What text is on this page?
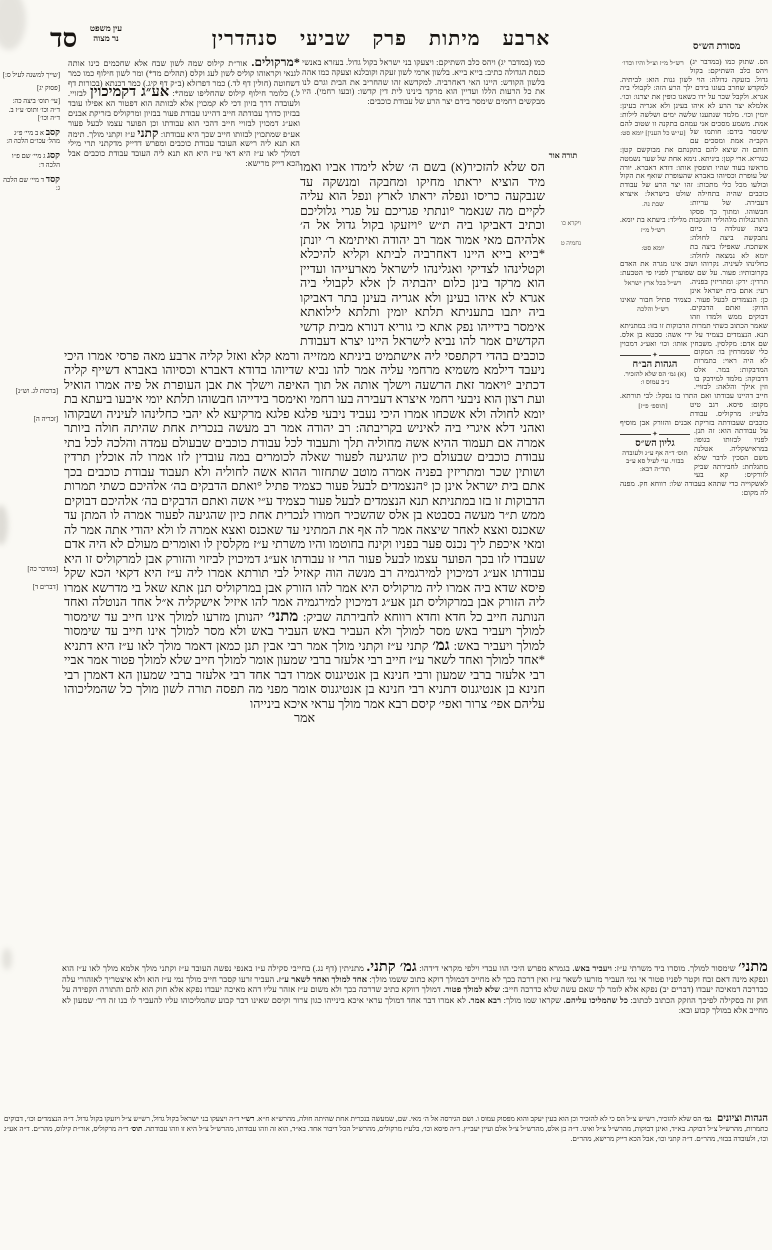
סד	עין משפט
נר מצוה	ארבע מיתות פרק שביעי סנהדרין	מסורת הש״ס
[שייך למשנה לעיל ס:]
[פסוק יג]
[עי׳ תוס׳ ביצה כה: ד״ה וכו׳ ותוס׳ ע״ז ב. ד״ה וכו׳]
קסב א ב מיי׳ פ״ג מהל׳ עכו״ם הלכה ה:
קסג ג מיי׳ שם פ״ו הלכה ד:
קסד ד מיי׳ שם הלכה ג:
[ברכות לג. וש״נ]
[זכריה ה]
[במדבר כה]
[דברים ד]
תורה אור
ויקרא כו
נחמיה ט
*מרקולים. אור״ת קילוס שמה לשון שבח אלא שחכמים כינו אותה לגנאי וקראוהו קוליס לשון לעג וקלס (תהלים מד*) ומר לשון חילוף כמו כמר דשחוטה (חולין דף לד.) כמר דפרזלא (ב״ק דף קיג.) כמר דכנתא (בכורות דף ל.) כלומר חילוף קילוס שהחליפו שמה*: אע״ג דקמיכוין לבזויי. ולעובדה דרך בזיון דכי לא קמכוין אלא לבזותה הוא דפטור הא אפילו עובד בבזיון כדרך עבודתה חייב דהיינו עבודת פעור בבזיון ומרקוליס בזריקת אבנים ואע״ג דמכוין לבזויי חייב דהכי הוא עבודתו וכן הפוער עצמו לבעל פעור אע״פ שמתכוין לבזותו חייב שכך היא עבודתו: קתני ע״ז וקתני מולך. תימה הא תנא ליה רישא העובד עבודת כוכבים ומפרש דדייק מדקתני תרי מילי דמולך לאו ע״ז היא דאי ע״ז היא הא תנא ליה העובד עבודת כוכבים אבל הכא דייק מרישא:
כמו (במדבר יג) ויהס כלב השתיקם: ויצעקו בני ישראל בקול גדול. בעזרא באנשי כנסת הגדולה כתיב: בייא בייא. בלשון ארמי לשון זעקה וקובלנא וצעקה כמו אהה בלשון הקודש: היינו האי דאחרביה. למקדשא זהו שהחריב את הבית וגרם לנו את כל הרעות הללו ועדיין הוא מרקד בינינו לית דין קדשו: (ובעו רחמי). היו מבקשים רחמים שימסר בידם יצר הרע של עבודת כוכבים:
הס שלא להזכיר(א) בשם ה׳ שלא לימדו אביו ואמו מיד הוציא יראתו מחיקו ומחבקה ומנשקה עד שנבקעה כריסו ונפלה יראתו לארץ ונפל הוא עליה לקיים מה שנאמר °ונתתי פגריכם על פגרי גלוליכם וכתיב דאביקו ביה ת״ש °ויזעקו בקול גדול אל ה׳ אלהיהם מאי אמור אמר רב יהודה ואיתימא ר׳ יונתן *בייא בייא היינו דאחרביה לביתא וקליא להיכלא וקטלינהו לצדיקי ואגלינהו לישראל מארעייהו ועדיין הוא מרקד בינן כלום יהבתיה לן אלא לקבולי ביה אגרא לא איהו בעינן ולא אגריה בעינן בתר דאביקו ביה יתבו בתעניתא תלתא יומין ותלתא לילואתא אימסר בידייהו נפק אתא כי גוריא דנורא מבית קדשי הקדשים אמר להו נביא לישראל היינו יצרא דעבודת כוכבים בהדי דקתפסי ליה אישתמיט ביניתא ממזייה ורמא קלא ואזל קליה ארבע מאה פרסי אמרו היכי ניעבד דילמא משמיא מרחמי עליה אמר להו נביא שדיוהו בדודא דאברא וכסיוהו באברא דשייף קליה דכתיב °ויאמר זאת הרשעה וישלך אותה אל תוך האיפה וישלך את אבן העופרת אל פיה אמרו הואיל ועת רצון הוא ניבעי רחמי איצרא דעבירה בעו רחמי ואימסר בידייהו חבשוהו תלתא יומי איבעו ביעתא בת יומא לחולה ולא אשכחו אמרו היכי נעביד ניבעי פלגא פלגא מרקיעא לא יהבי כחלינהו לעיניה ושבקוהו ואהני דלא איגרי ביה לאיניש בקריבתה: רב יהודה אמר רב מעשה בנכרית אחת שהיתה חולה ביותר אמרה אם תעמוד ההיא אשה מחוליה תלך ותעבוד לכל עבודת כוכבים שבעולם עמדה והלכה לכל בתי עבודת כוכבים שבעולם כיון שהגיעה לפעור שאלה לכומרים במה עובדין לזו אמרו לה אוכלין תרדין ושותין שכר ומתריזין בפניה אמרה מוטב שתחזור ההוא אשה לחוליה ולא תעבוד עבודת כוכבים בכך אתם בית ישראל אינן כן °הנצמדים לבעל פעור כצמיד פתיל °ואתם הדבקים בה׳ אלהיכם כשתי תמרות הדבוקות זו בזו במתניתא תנא הנצמדים לבעל פעור כצמיד ע״י אשה ואתם הדבקים בה׳ אלהיכם דבוקים ממש ת״ר מעשה בסבטא בן אלס שהשכיר חמורו לנכרית אחת כיון שהגיעה לפעור אמרה לו המתן עד שאכנס ואצא לאחר שיצאה אמר לה אף את המתיני עד שאכנס ואצא אמרה לו ולא יהודי אתה אמר לה ומאי איכפת ליך נכנס פער בפניו וקינח בחוטמו והיו משרתי ע״ז מקלסין לו ואומרים מעולם לא היה אדם שעבדו לזו בכך הפוער עצמו לבעל פעור הרי זו עבודתו אע״ג דמיכוין לביזוי והזורק אבן למרקוליס זו היא עבודתו אע״ג דמיכוין למירגמיה רב מנשה הוה קאזיל לבי תורתא אמרו ליה ע״ז היא דקאי הכא שקל פיסא שדא ביה אמרו ליה מרקוליס היא אמר להו הזורק אבן במרקוליס תנן אתא שאל בי מדרשא אמרו ליה הזורק אבן במרקוליס תנן אע״ג דמיכוין למירגמיה אמר להו איזיל אישקליה א״ל אחד הנוטלה ואחד הנותנה חייב כל חדא וחדא רווחא לחבירתה שביק: מתני׳ יהנותן מזרעו למולך אינו חייב עד שימסור למולך ויעביר באש מסר למולך ולא העביר באש העביר באש ולא מסר למולך אינו חייב עד שימסור למולך ויעביר באש: גמ׳ קתני ע״ז וקתני מולך אמר רבי אבין תנן כמאן דאמר מולך לאו ע״ז היא דתניא *אחד למולך ואחד לשאר ע״ז חייב רבי אלעזר ברבי שמעון אומר למולך חייב שלא למולך פטור אמר אביי רבי אלעזר ברבי שמעון ורבי חנינא בן אנטיגנוס אמרו דבר אחד רבי אלעזר ברבי שמעון הא דאמרן רבי חנינא בן אנטיגנוס דתניא רבי חנינא בן אנטיגנוס אומר מפני מה תפסה תורה לשון מולך כל שהמליכוהו עליהם אפי׳ צרור ואפי׳ קיסם רבא אמר מולך עראי איכא בינייהו
אמר
רש״ל מ״ז וצ״ל והיו וכדו׳ הס. שתוק כמו (במדבר יג) ויהס כלב השתיקם: בקול גדול. בזעקה גדולה: הוי לשון גנות הוא: לביתיה. למקדש שחרב בעונו בידם ילך הרע הזה: לקבולי ביה אגרא. ולקבל שכר על ידו כשאנו כופין את יצרנו: וכו׳. אלמלא יצר הרע לא איהו בעינן ולא אגריה בעינן: יומין וכו׳. מלמד שנתענו שלשה ימים ושלשה לילות: אמת. משמע מסכים אני עמהם בתקנה זו שטוב להם שימסר בידם: חותמו
[עי׳ש כל הענין] יומא סט: של הקב״ה אמת ומסכים עם חותם זה שיצא להם בתקנתם את מבוקשם קטן: כגוריא. ארי קטן: ביניתא. נימא אחת של שער נשמטה מראשו בעוד שהיו תופסין אותו: דודא דאברא. יורה של עופרת וכסיוהו באברא שהעופרת שואף את הקול ובולעו מכל כלי מתכות: זהו יצר הרע של עבודת כוכבים שהיה בתחילה שולט בישראל:
שבת נה.
איצרא דעבירה. של עריות: חבשוהו. ומתוך כך פסקו התרנגולות מלהוליד והנקבות מלילד:
רש״ל מ״ז
ביעתא בת יומא. ביצה שנולדה בו ביום נתבקשה ביצה לחולה:
יומא סט:	אשתכח. שאפילו ביצה בת יומא לא נמצאה לחולה: כחלינהו לעיניה. נקרוהו ושוב אינו מגרה את האדם בקרובותיו: פעור. על שם שפוערין לפניו פי הטבעת: תרדין: ירק:
רש״ל בכל ארץ ישראל	ומתריזין בפניה. רעי: אתם בית ישראל אינן כן: הנצמדים לבעל פעור. כצמיד פתיל חבור שאינו הדוק:
רש״ל והלכה	ואתם הדבקים. דבוקים ממש ולמדו וזהו שאמר הכתוב כשתי תמרות הדבוקות זו בזו: במתניתא תנא. הנצמדים כצמיד על ידי אשה: סבטא בן אלס. שם אדם: מקלסין. משבחין אותו: וכו׳ ואע״ג דמכוין
✦
הגהות הב״ח
(א) גמ׳ הס שלא להזכיר. נ״ב עמוס ו:
כלי שממרחין בו: המקום לא היה ראוי: כתמרות המדבקות: במר. אלס דדבוקה: מלמד למידבק בו וזין אילך והלאה: לבזויי. חייב דהיינו עבודתו ואם התרו בו נסקל: לבי תורתא. מקום:
[תוספ׳ פ״ז]	פיסא. רגב טיט בלע״ז: מרקוליס. עבודת כוכבים שעבודתה בזריקת אבנים והזורק אבן מוסיף על עבודתה הוא: זה
✦
גליון הש״ס
תוס׳ ד״ה אף ע״ג ולעובדה בבזוי. עי׳ לעיל סא ע״ב תוד״ה רבא:
תנן. לפניו לבזותו בגופו: במראישקליה. אטלנה משם הסכין לדבר שלא מתגלחת: לחבירתה שביק לזורקיס: קא בעי לאשקוייה כדי שתהא בעבודה שלו: רווחא חק. מפנה לה מקום:
מתני׳ שימסור למולך. מוסרו ביד משרתי ע״ז: ויעביר באש. בגמרא מפרש היכי הוו עבדי וילפי מקראי דידהו: גמ׳ קתני. מתניתין (דף נג.) בחייבי סקילה ע״ז באנפי נפשה העובד ע״ז וקתני מולך אלמא מולך לאו ע״ז הוא ונפקא מינה דאם זבח וקטר לפניו פטור אי נמי העביר מזרעו לשאר ע״ז ואין דרכה בכך לא מחייב דבמולך דוקא כתוב ששמו מולך: אחד למולך ואחד לשאר ע״ז. העביר זרעו קסבר חייב מולך נמי ע״ז הוא ולא איצטריך לאזהורי עלה כבדרכה דמאיכה יעבדו (דברים יב) נפקא אלא לומר לך שאם עשה שלא כדרכה חייב: שלא למולך פטור. דמולך דווקא כתיב שדרכה בכך ולא משום ע״ז אזהר עליו דהא מאיכה יעבדו נפקא אלא חוק הוא להם והתורה הקפידה על חוק זה בסקילה לפיכך הוזקק הכתוב לכתוב: כל שהמליכו עליהם. שקראו שמו מולך: רבא אמר. לא אמרו דבר אחד דמולך עראי איכא בינייהו כגון צרור וקיסם שאינו דבר קבוע שהמליכוהו עליו להעביר לו בנו זה דר׳ שמעון לא מחייב אלא במולך קבוע ובא:
הגהות וציונים   גמ׳ הס שלא להזכיר, רש״ש צ״ל הס כי לא להזכיר וכן הוא בעין יעקב והוא מפסוק עמוס ו. ושם הגירסה אל ה׳ מאי. שם, שמעשה בנכרית אחת שהיתה חולה, מהרש״א ח״א. רש״י ד״ה ויצעקו בני ישראל בקול גדול, רש״ש צ״ל ויזעקו בקול גדול. ד״ה הנצמדים וכו׳, דבוקים כתמרות, מהרש״ל צ״ל דבוקה. בא״ד, ואינן דבוקות, מהרש״ל צ״ל ואינו. ד״ה בן אלס, מהרש״ל צ״ל אלם ועיין יעב״ץ. ד״ה פיסא וכו׳, בלע״ז מרקוליס, מהרש״ל הכל דיבור אחד. בא״ד, הוא זה וזהו עבודתו, מהרש״ל צ״ל היא זו וזהו עבודתה. תוס׳ ד״ה מרקוליס, אור״ת קילוס, מהר״ם. ד״ה אע״ג וכו׳, ולעובדה בבזוי, מהר״ם. ד״ה קתני וכו׳, אבל הכא דייק מרישא, מהר״ם.
